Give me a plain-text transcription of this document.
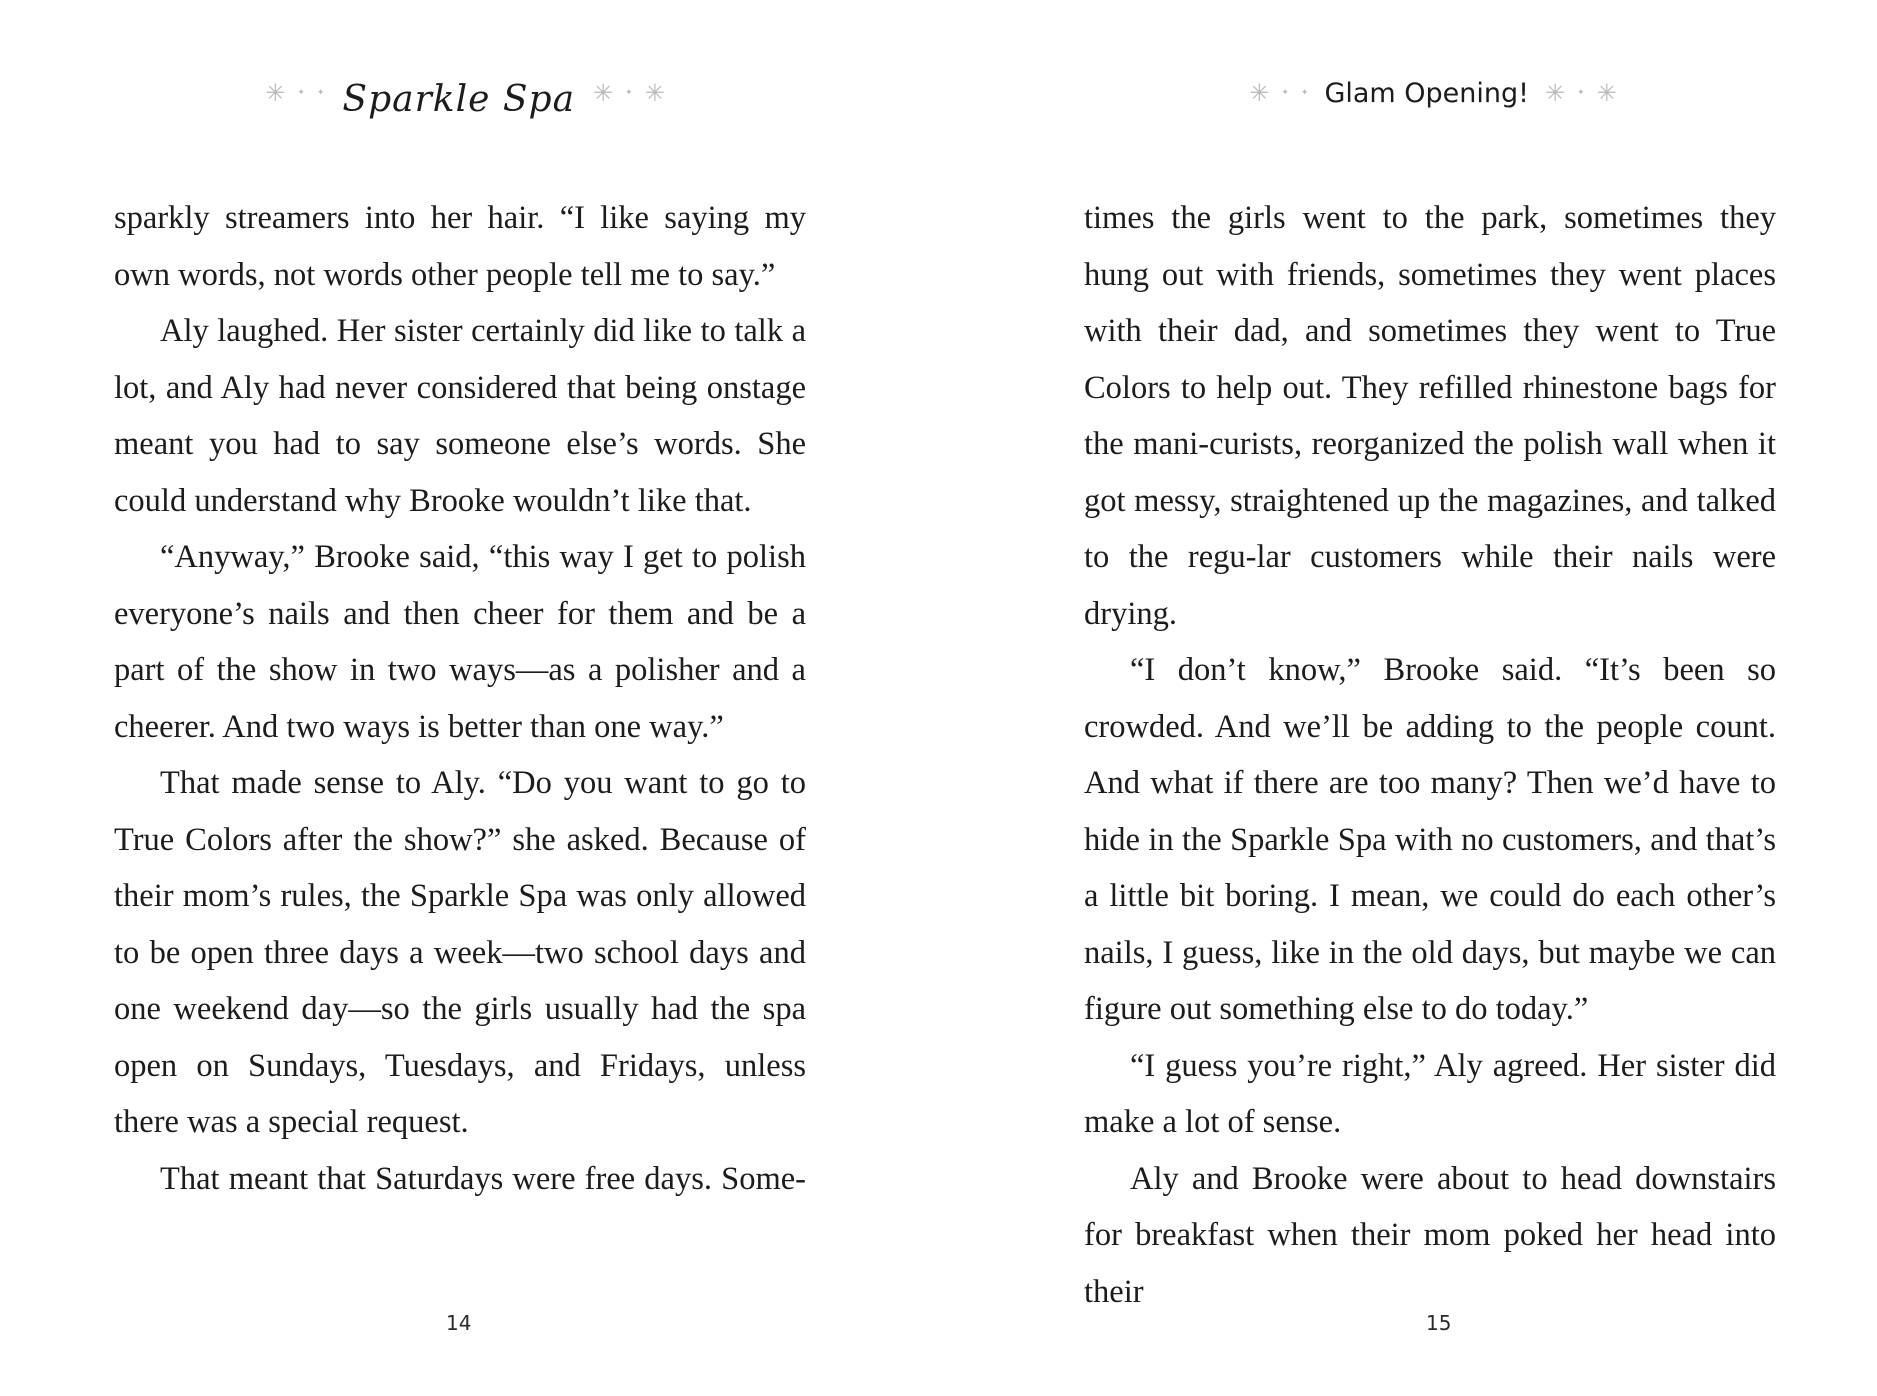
✳ ✦ ✦ Sparkle Spa ✳ ✦ ✳

sparkly streamers into her hair. “I like saying my own words, not words other people tell me to say.”

Aly laughed. Her sister certainly did like to talk a lot, and Aly had never considered that being onstage meant you had to say someone else’s words. She could understand why Brooke wouldn’t like that.

“Anyway,” Brooke said, “this way I get to polish everyone’s nails and then cheer for them and be a part of the show in two ways—as a polisher and a cheerer. And two ways is better than one way.”

That made sense to Aly. “Do you want to go to True Colors after the show?” she asked. Because of their mom’s rules, the Sparkle Spa was only allowed to be open three days a week—two school days and one weekend day—so the girls usually had the spa open on Sundays, Tuesdays, and Fridays, unless there was a special request.

That meant that Saturdays were free days. Some-

14
✳ ✦ ✦ Glam Opening! ✳ ✦ ✳

times the girls went to the park, sometimes they hung out with friends, sometimes they went places with their dad, and sometimes they went to True Colors to help out. They refilled rhinestone bags for the mani-curists, reorganized the polish wall when it got messy, straightened up the magazines, and talked to the regu-lar customers while their nails were drying.

“I don’t know,” Brooke said. “It’s been so crowded. And we’ll be adding to the people count. And what if there are too many? Then we’d have to hide in the Sparkle Spa with no customers, and that’s a little bit boring. I mean, we could do each other’s nails, I guess, like in the old days, but maybe we can figure out something else to do today.”

“I guess you’re right,” Aly agreed. Her sister did make a lot of sense.

Aly and Brooke were about to head downstairs for breakfast when their mom poked her head into their

15
